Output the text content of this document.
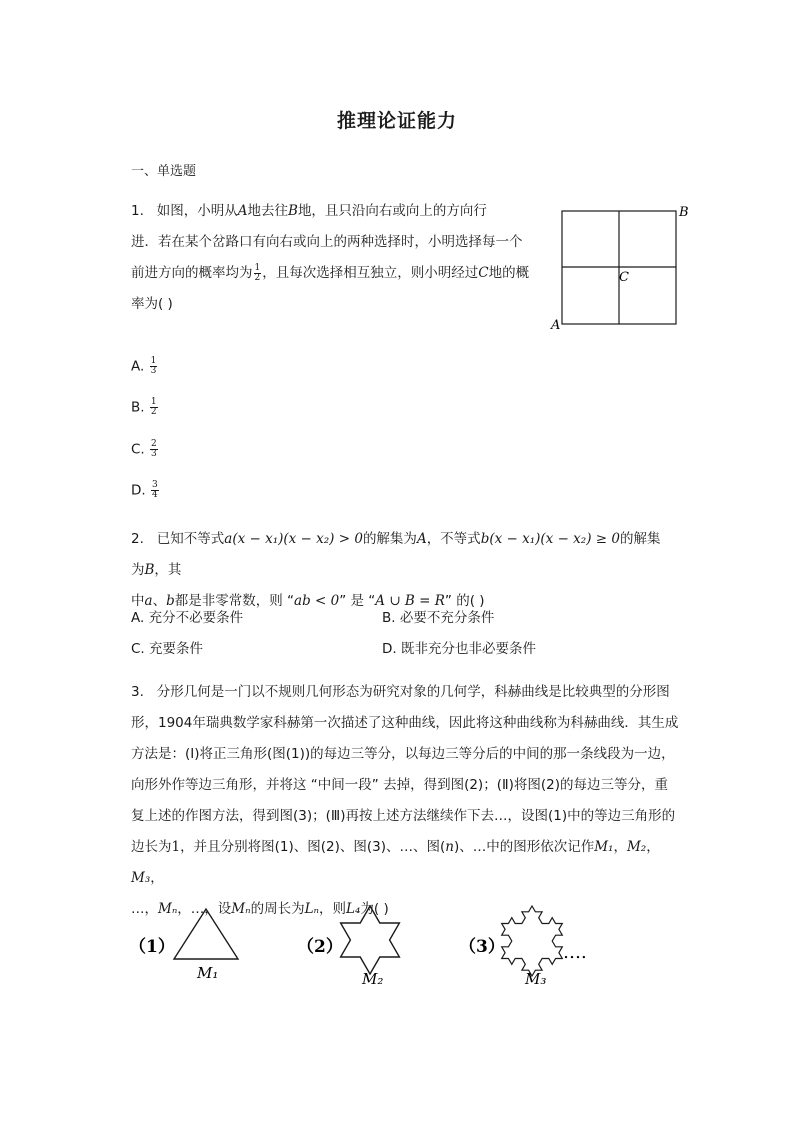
推理论证能力
一、单选题
1. 如图，小明从A地去往B地，且只沿向右或向上的方向行
进．若在某个岔路口有向右或向上的两种选择时，小明选择每一个
前进方向的概率均为 $\frac{1}{2}$ ，且每次选择相互独立，则小明经过C地的概
率为( )
B
C
A
A. $\frac{1}{3}$
B. $\frac{1}{2}$
C. $\frac{2}{3}$
D. $\frac{3}{4}$
2. 已知不等式a(x − x₁)(x − x₂) > 0的解集为A，不等式b(x − x₁)(x − x₂) ≥ 0的解集为B，其
中a、b都是非零常数，则 “ab < 0” 是 “A ∪ B = R” 的( )
A. 充分不必要条件	B. 必要不充分条件
C. 充要条件	D. 既非充分也非必要条件
3. 分形几何是一门以不规则几何形态为研究对象的几何学，科赫曲线是比较典型的分形图
形，1904年瑞典数学家科赫第一次描述了这种曲线，因此将这种曲线称为科赫曲线．其生成
方法是：(Ⅰ)将正三角形(图(1))的每边三等分，以每边三等分后的中间的那一条线段为一边，
向形外作等边三角形，并将这 “中间一段” 去掉，得到图(2)；(Ⅱ)将图(2)的每边三等分，重
复上述的作图方法，得到图(3)；(Ⅲ)再按上述方法继续作下去…，设图(1)中的等边三角形的
边长为1，并且分别将图(1)、图(2)、图(3)、…、图(n)、…中的图形依次记作M₁，M₂，M₃，
…，Mₙ，…，设Mₙ的周长为Lₙ，则L₄为( )
（1）
M₁
（2）
M₂
（3）
M₃
….
